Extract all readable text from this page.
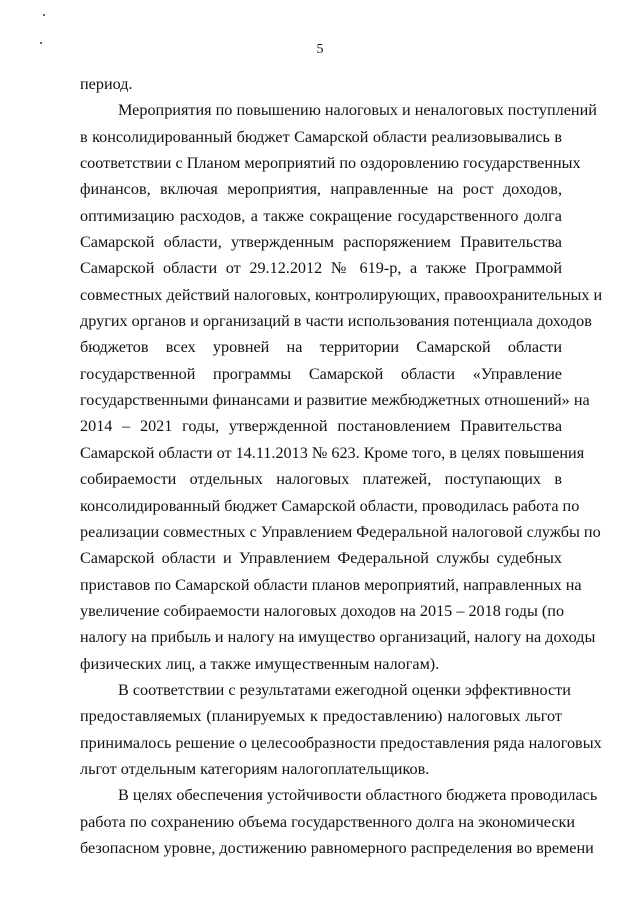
5
период.
Мероприятия по повышению налоговых и неналоговых поступлений
в консолидированный бюджет Самарской области реализовывались в
соответствии с Планом мероприятий по оздоровлению государственных
финансов, включая мероприятия, направленные на рост доходов,
оптимизацию расходов, а также сокращение государственного долга
Самарской области, утвержденным распоряжением Правительства
Самарской области от 29.12.2012 № 619-р, а также Программой
совместных действий налоговых, контролирующих, правоохранительных и
других органов и организаций в части использования потенциала доходов
бюджетов всех уровней на территории Самарской области
государственной программы Самарской области «Управление
государственными финансами и развитие межбюджетных отношений» на
2014 – 2021 годы, утвержденной постановлением Правительства
Самарской области от 14.11.2013 № 623. Кроме того, в целях повышения
собираемости отдельных налоговых платежей, поступающих в
консолидированный бюджет Самарской области, проводилась работа по
реализации совместных с Управлением Федеральной налоговой службы по
Самарской области и Управлением Федеральной службы судебных
приставов по Самарской области планов мероприятий, направленных на
увеличение собираемости налоговых доходов на 2015 – 2018 годы (по
налогу на прибыль и налогу на имущество организаций, налогу на доходы
физических лиц, а также имущественным налогам).
В соответствии с результатами ежегодной оценки эффективности
предоставляемых (планируемых к предоставлению) налоговых льгот
принималось решение о целесообразности предоставления ряда налоговых
льгот отдельным категориям налогоплательщиков.
В целях обеспечения устойчивости областного бюджета проводилась
работа по сохранению объема государственного долга на экономически
безопасном уровне, достижению равномерного распределения во времени
